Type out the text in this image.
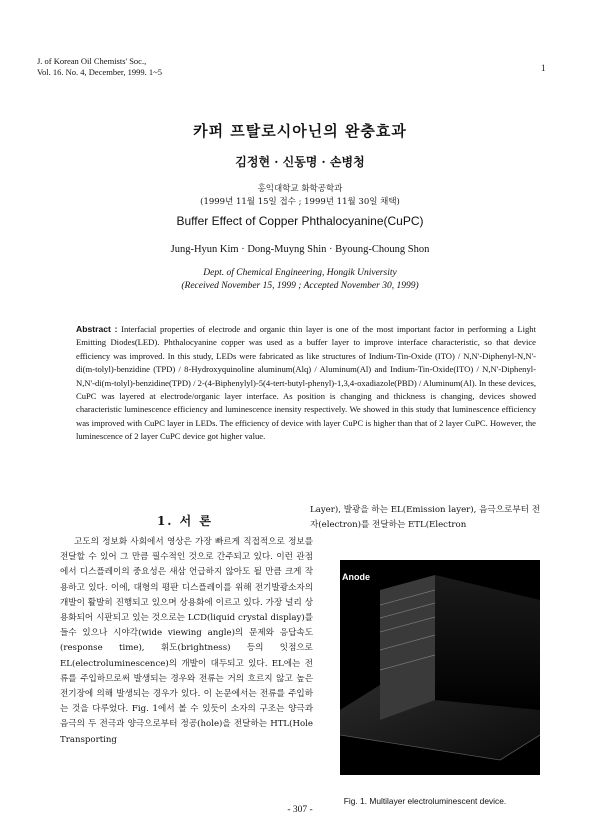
J. of Korean Oil Chemists' Soc.,
Vol. 16. No. 4, December, 1999. 1~5	1
카퍼 프탈로시아닌의 완충효과
김정현 · 신동명 · 손병청
홍익대학교 화학공학과
(1999년 11월 15일 접수 ; 1999년 11월 30일 채택)
Buffer Effect of Copper Phthalocyanine(CuPC)
Jung-Hyun Kim · Dong-Muyng Shin · Byoung-Choung Shon
Dept. of Chemical Engineering, Hongik University
(Received November 15, 1999 ; Accepted November 30, 1999)
Abstract : Interfacial properties of electrode and organic thin layer is one of the most important factor in performing a Light Emitting Diodes(LED). Phthalocyanine copper was used as a buffer layer to improve interface characteristic, so that device efficiency was improved. In this study, LEDs were fabricated as like structures of Indium-Tin-Oxide (ITO) / N,N'-Diphenyl-N,N'-di(m-tolyl)-benzidine (TPD) / 8-Hydroxyquinoline aluminum(Alq) / Aluminum(Al) and Indium-Tin-Oxide(ITO) / N,N'-Diphenyl-N,N'-di(m-tolyl)-benzidine(TPD) / 2-(4-Biphenylyl)-5(4-tert-butyl-phenyl)-1,3,4-oxadiazole(PBD) / Aluminum(Al). In these devices, CuPC was layered at electrode/organic layer interface. As position is changing and thickness is changing, devices showed characteristic luminescence efficiency and luminescence inensity respectively. We showed in this study that luminescence efficiency was improved with CuPC layer in LEDs. The efficiency of device with layer CuPC is higher than that of 2 layer CuPC. However, the luminescence of 2 layer CuPC device got higher value.
1. 서 론

고도의 정보화 사회에서 영상은 가장 빠르게 직접적으로 정보를 전달할 수 있어 그 만큼 필수적인 것으로 간주되고 있다. 이런 관점에서 디스플레이의 중요성은 새삼 언급하지 않아도 될 만큼 크게 작용하고 있다. 이에, 대형의 평판 디스플레이를 위해 전기발광소자의 개발이 활발히 진행되고 있으며 상용화에 이르고 있다. 가장 널리 상용화되어 시판되고 있는 것으로는 LCD(liquid crystal display)를 들수 있으나 시야각(wide viewing angle)의 문제와 응답속도(response time), 휘도(brightness) 등의 잇점으로 EL(electroluminescence)의 개발이 대두되고 있다. EL에는 전류를 주입하므로써 발생되는 경우와 전류는 거의 흐르지 않고 높은 전기장에 의해 발생되는 경우가 있다. 이 논문에서는 전류를 주입하는 것을 다루었다. Fig. 1에서 볼 수 있듯이 소자의 구조는 양극과 음극의 두 전극과 양극으로부터 정공(hole)을 전달하는 HTL(Hole Transporting

Layer), 발광을 하는 EL(Emission layer), 음극으로부터 전자(electron)를 전달하는 ETL(Electron

Anode
Fig. 1. Multilayer electroluminescent device.
- 307 -
